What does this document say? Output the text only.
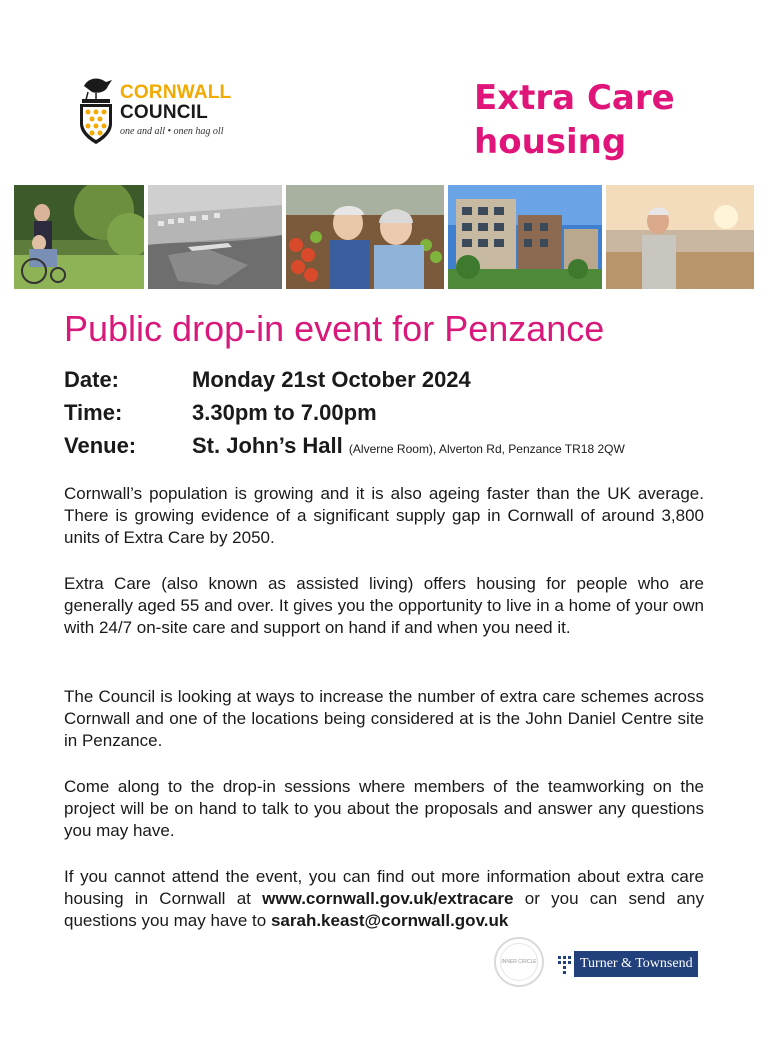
CORNWALL
COUNCIL
one and all • onen hag oll
Extra Care housing
Public drop-in event for Penzance
Date:	Monday 21st October 2024
Time:	3.30pm to 7.00pm
Venue:	St. John’s Hall (Alverne Room), Alverton Rd, Penzance TR18 2QW
Cornwall’s population is growing and it is also ageing faster than the UK average. There is growing evidence of a significant supply gap in Cornwall of around 3,800 units of Extra Care by 2050.
Extra Care (also known as assisted living) offers housing for people who are generally aged 55 and over. It gives you the opportunity to live in a home of your own with 24/7 on-site care and support on hand if and when you need it.
The Council is looking at ways to increase the number of extra care schemes across Cornwall and one of the locations being considered at is the John Daniel Centre site in Penzance.
Come along to the drop-in sessions where members of the teamworking on the project will be on hand to talk to you about the proposals and answer any questions you may have.
If you cannot attend the event, you can find out more information about extra care housing in Cornwall at www.cornwall.gov.uk/extracare or you can send any questions you may have to sarah.keast@cornwall.gov.uk
INNER CIRCLE	Turner & Townsend
